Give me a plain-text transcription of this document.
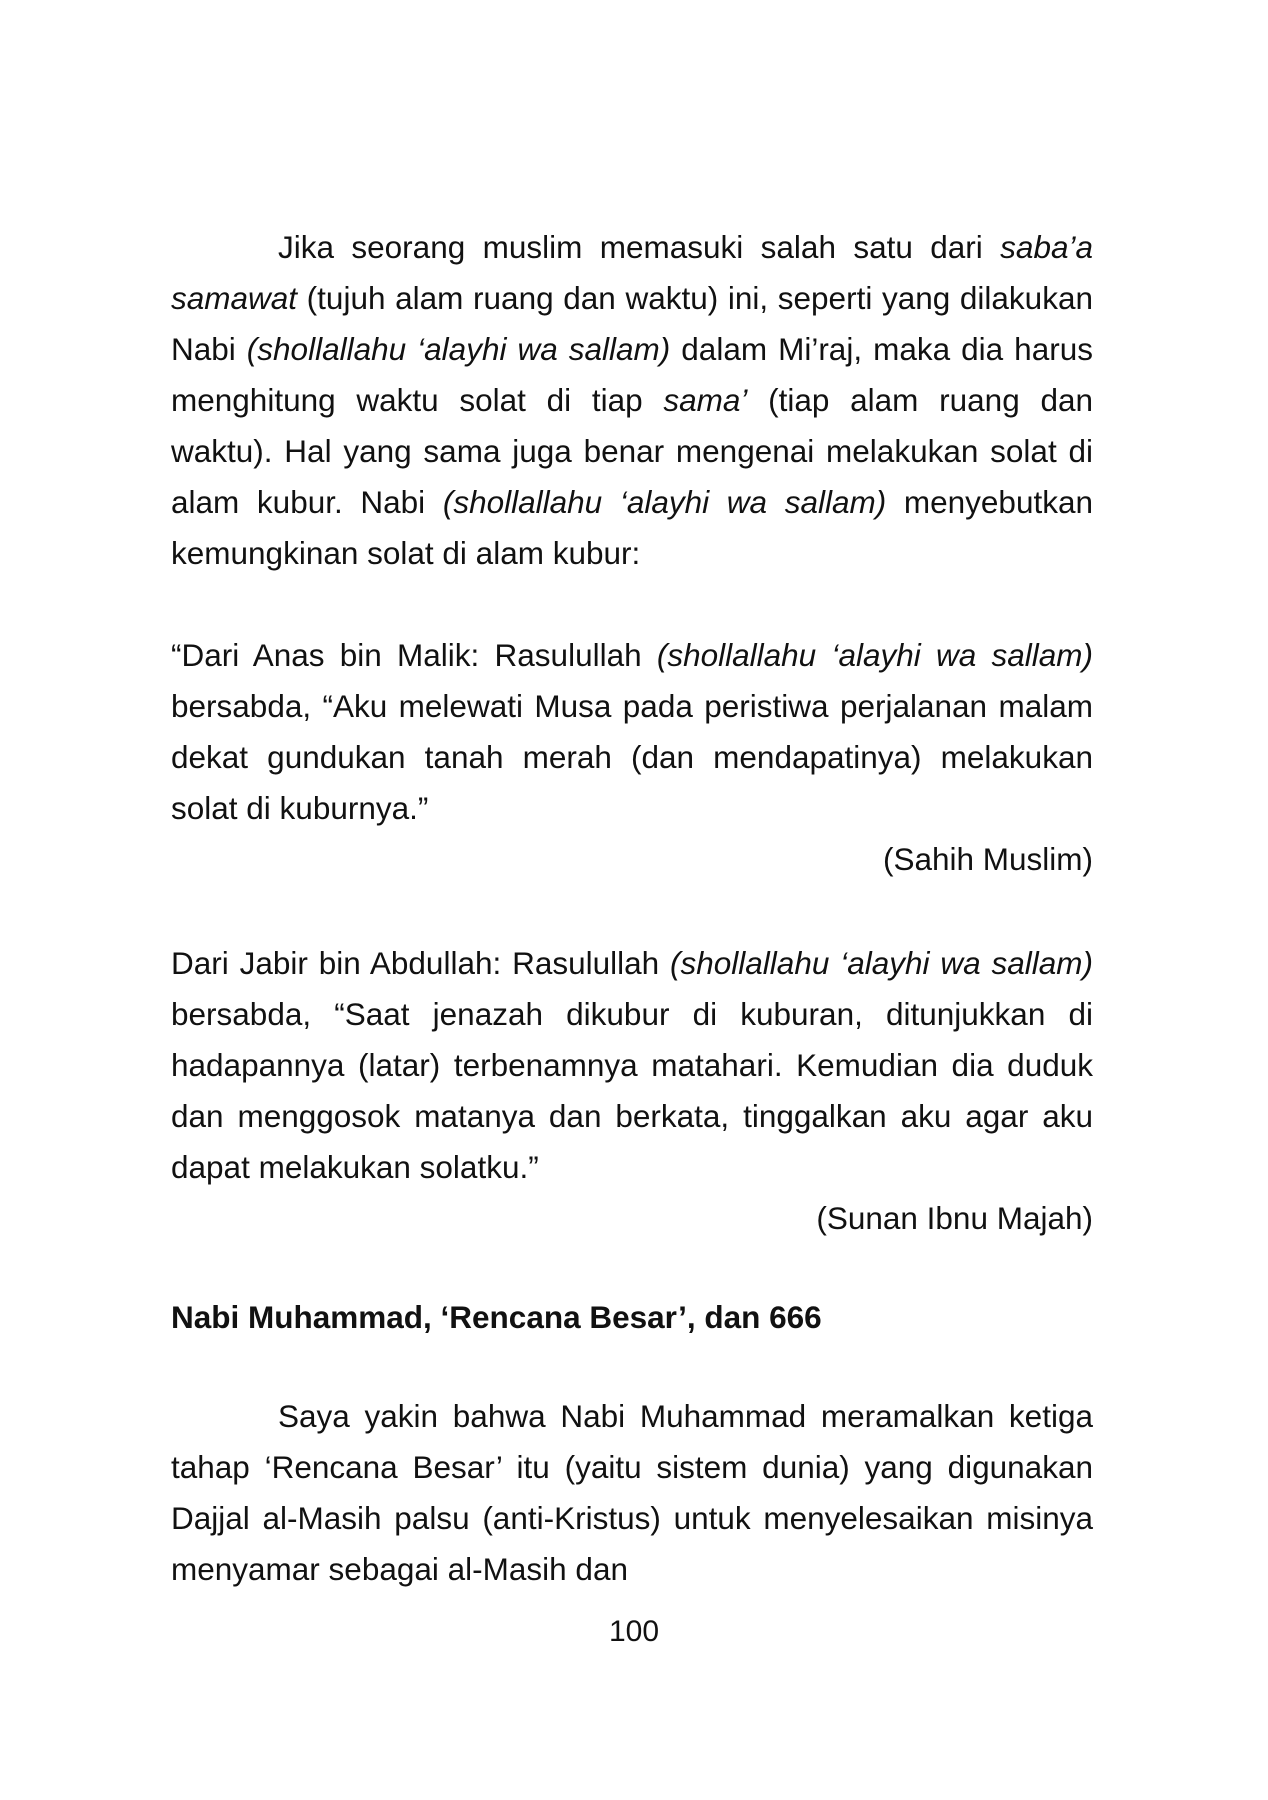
Jika seorang muslim memasuki salah satu dari saba’a samawat (tujuh alam ruang dan waktu) ini, seperti yang dilakukan Nabi (shollallahu ‘alayhi wa sallam) dalam Mi’raj, maka dia harus menghitung waktu solat di tiap sama’ (tiap alam ruang dan waktu). Hal yang sama juga benar mengenai melakukan solat di alam kubur. Nabi (shollallahu ‘alayhi wa sallam) menyebutkan kemungkinan solat di alam kubur:

“Dari Anas bin Malik: Rasulullah (shollallahu ‘alayhi wa sallam) bersabda, “Aku melewati Musa pada peristiwa perjalanan malam dekat gundukan tanah merah (dan mendapatinya) melakukan solat di kuburnya.”

(Sahih Muslim)

Dari Jabir bin Abdullah: Rasulullah (shollallahu ‘alayhi wa sallam) bersabda, “Saat jenazah dikubur di kuburan, ditunjukkan di hadapannya (latar) terbenamnya matahari. Kemudian dia duduk dan menggosok matanya dan berkata, tinggalkan aku agar aku dapat melakukan solatku.”

(Sunan Ibnu Majah)

Nabi Muhammad, ‘Rencana Besar’, dan 666

Saya yakin bahwa Nabi Muhammad meramalkan ketiga tahap ‘Rencana Besar’ itu (yaitu sistem dunia) yang digunakan Dajjal al-Masih palsu (anti-Kristus) untuk menyelesaikan misinya menyamar sebagai al-Masih dan

100
